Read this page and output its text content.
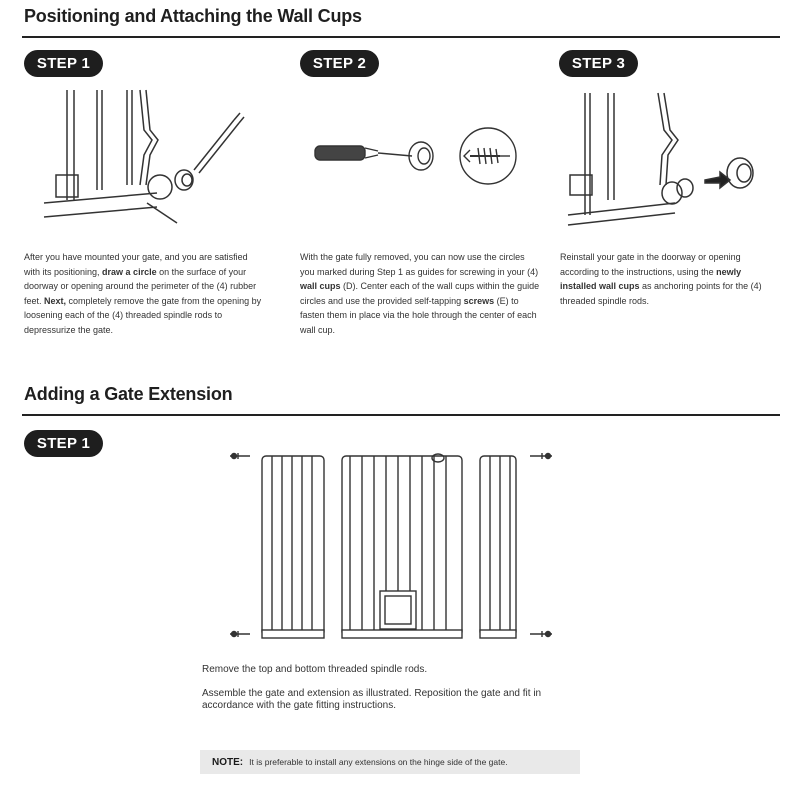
Positioning and Attaching the Wall Cups
STEP 1	STEP 2	STEP 3
After you have mounted your gate, and you are satisfied with its positioning, draw a circle on the surface of your doorway or opening around the perimeter of the (4) rubber feet. Next, completely remove the gate from the opening by loosening each of the (4) threaded spindle rods to depressurize the gate.
With the gate fully removed, you can now use the circles you marked during Step 1 as guides for screwing in your (4) wall cups (D). Center each of the wall cups within the guide circles and use the provided self-tapping screws (E) to fasten them in place via the hole through the center of each wall cup.
Reinstall your gate in the doorway or opening according to the instructions, using the newly installed wall cups as anchoring points for the (4) threaded spindle rods.
Adding a Gate Extension
STEP 1
Remove the top and bottom threaded spindle rods.
Assemble the gate and extension as illustrated. Reposition the gate and fit in accordance with the gate fitting instructions.
NOTE: It is preferable to install any extensions on the hinge side of the gate.
